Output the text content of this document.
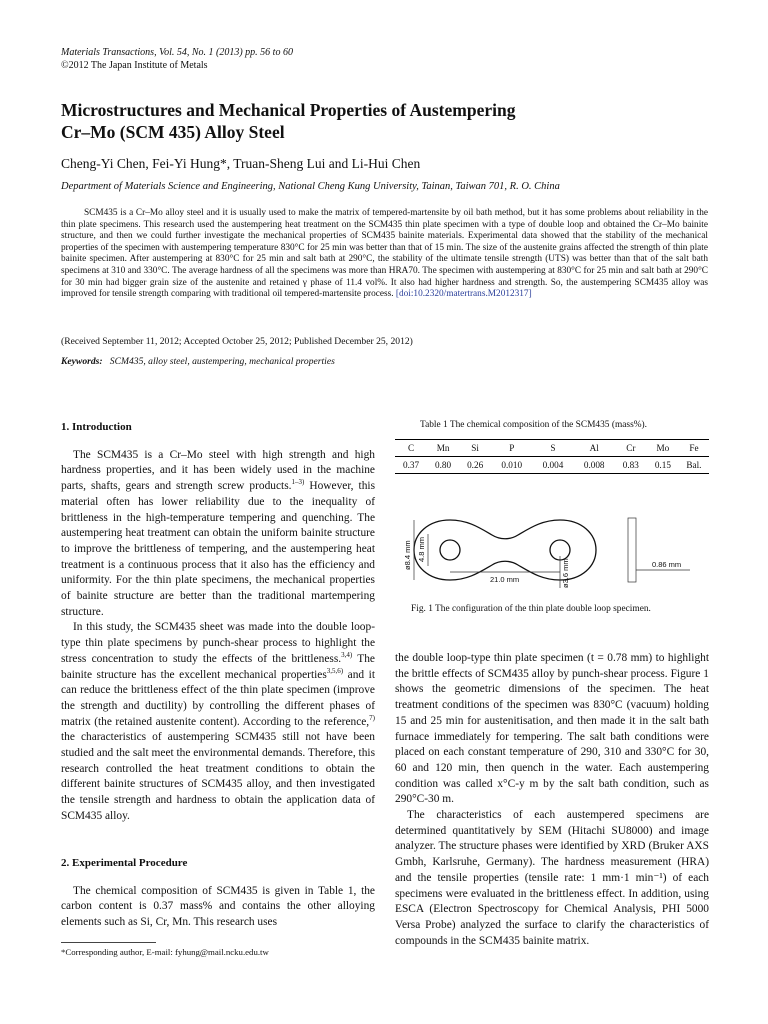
Materials Transactions, Vol. 54, No. 1 (2013) pp. 56 to 60
©2012 The Japan Institute of Metals
Microstructures and Mechanical Properties of Austempering
Cr–Mo (SCM 435) Alloy Steel
Cheng-Yi Chen, Fei-Yi Hung*, Truan-Sheng Lui and Li-Hui Chen
Department of Materials Science and Engineering, National Cheng Kung University, Tainan, Taiwan 701, R. O. China
SCM435 is a Cr–Mo alloy steel and it is usually used to make the matrix of tempered-martensite by oil bath method, but it has some problems about reliability in the thin plate specimens. This research used the austempering heat treatment on the SCM435 thin plate specimen with a type of double loop and obtained the Cr–Mo bainite structure, and then we could further investigate the mechanical properties of SCM435 bainite materials. Experimental data showed that the stability of the mechanical properties of the specimen with austempering temperature 830°C for 25 min was better than that of 15 min. The size of the austenite grains affected the strength of thin plate bainite specimen. After austempering at 830°C for 25 min and salt bath at 290°C, the stability of the ultimate tensile strength (UTS) was better than that of the salt bath specimens at 310 and 330°C. The average hardness of all the specimens was more than HRA70. The specimen with austempering at 830°C for 25 min and salt bath at 290°C for 30 min had bigger grain size of the austenite and retained γ phase of 11.4 vol%. It also had higher hardness and strength. So, the austempering SCM435 alloy was improved for tensile strength comparing with traditional oil tempered-martensite process. [doi:10.2320/matertrans.M2012317]
(Received September 11, 2012; Accepted October 25, 2012; Published December 25, 2012)
Keywords: SCM435, alloy steel, austempering, mechanical properties
1. Introduction
The SCM435 is a Cr–Mo steel with high strength and high hardness properties, and it has been widely used in the machine parts, shafts, gears and strength screw products.$^{1-3)}$ However, this material often has lower reliability due to the inequality of brittleness in the high-temperature tempering and quenching. The austempering heat treatment can obtain the uniform bainite structure to improve the brittleness of tempering, and the austempering heat treatment is a continuous process that it also has the efficiency and uniformity. For the thin plate specimens, the mechanical properties of bainite structure are better than the traditional martempering structure.
In this study, the SCM435 sheet was made into the double loop-type thin plate specimens by punch-shear process to highlight the stress concentration to study the effects of the brittleness.$^{3,4)}$ The bainite structure has the excellent mechanical properties$^{3,5,6)}$ and it can reduce the brittleness effect of the thin plate specimen (improve the strength and ductility) by controlling the different phases of matrix (the retained austenite content). According to the reference,$^{7)}$ the characteristics of austempering SCM435 still not have been studied and the salt meet the environmental demands. Therefore, this research controlled the heat treatment conditions to obtain the different bainite structures of SCM435 alloy, and then investigated the tensile strength and hardness to obtain the application data of SCM435 alloy.
2. Experimental Procedure
The chemical composition of SCM435 is given in Table 1, the carbon content is 0.37 mass% and contains the other alloying elements such as Si, Cr, Mn. This research uses
*Corresponding author, E-mail: fyhung@mail.ncku.edu.tw
Table 1 The chemical composition of the SCM435 (mass%).
C	Mn	Si	P	S	Al	Cr	Mo	Fe
0.37	0.80	0.26	0.010	0.004	0.008	0.83	0.15	Bal.
ø8.4 mm 4.8 mm
21.0 mm	ø3.6 mm	0.86 mm
Fig. 1 The configuration of the thin plate double loop specimen.
the double loop-type thin plate specimen (t = 0.78 mm) to highlight the brittle effects of SCM435 alloy by punch-shear process. Figure 1 shows the geometric dimensions of the specimen. The heat treatment conditions of the specimen was 830°C (vacuum) holding 15 and 25 min for austenitisation, and then made it in the salt bath furnace immediately for tempering. The salt bath conditions were placed on each constant temperature of 290, 310 and 330°C for 30, 60 and 120 min, then quench in the water. Each austempering condition was called x°C-y m by the salt bath condition, such as 290°C-30 m.
The characteristics of each austempered specimens are determined quantitatively by SEM (Hitachi SU8000) and image analyzer. The structure phases were identified by XRD (Bruker AXS Gmbh, Karlsruhe, Germany). The hardness measurement (HRA) and the tensile properties (tensile rate: 1 mm·1 min⁻¹) of each specimens were evaluated in the brittleness effect. In addition, using ESCA (Electron Spectroscopy for Chemical Analysis, PHI 5000 Versa Probe) analyzed the surface to clarify the characteristics of compounds in the SCM435 bainite matrix.
